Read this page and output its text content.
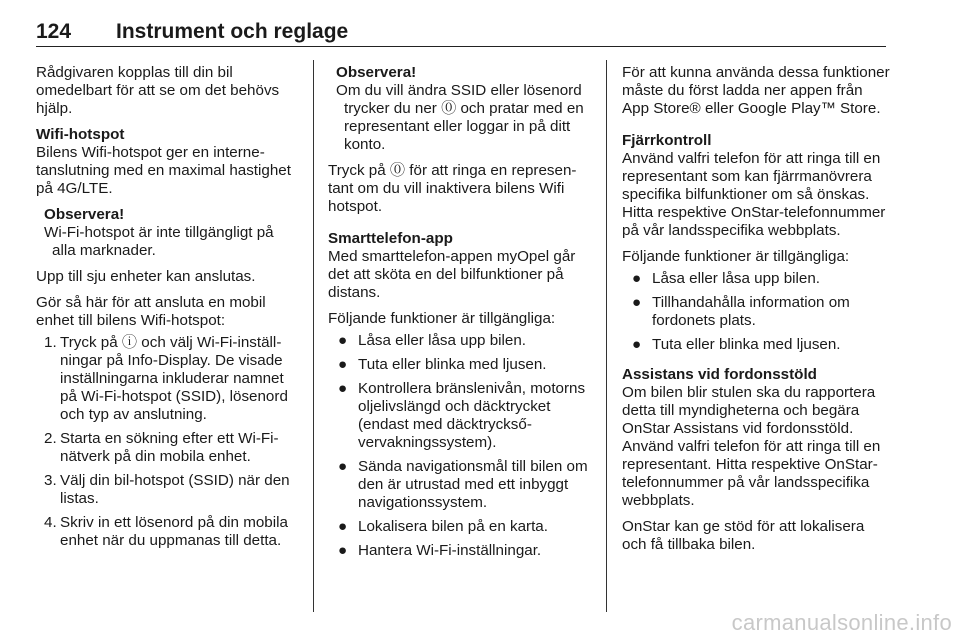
124 Instrument och reglage

Rådgivaren kopplas till din bil omedelbart för att se om det behövs hjälp.

Wifi-hotspot

Bilens Wifi-hotspot ger en internetanslutning med en maximal hastighet på 4G/LTE.

Observera!
Wi-Fi-hotspot är inte tillgängligt på alla marknader.

Upp till sju enheter kan anslutas.

Gör så här för att ansluta en mobil enhet till bilens Wifi-hotspot:

1. Tryck på ⓘ och välj Wi-Fi-inställningar på Info-Display. De visade inställningarna inkluderar namnet på Wi-Fi-hotspot (SSID), lösenord och typ av anslutning.
2. Starta en sökning efter ett Wi-Fi-nätverk på din mobila enhet.
3. Välj din bil-hotspot (SSID) när den listas.
4. Skriv in ett lösenord på din mobila enhet när du uppmanas till detta.
Observera!
Om du vill ändra SSID eller lösenord trycker du ner ⓪ och pratar med en representant eller loggar in på ditt konto.

Tryck på ⓪ för att ringa en representant om du vill inaktivera bilens Wifi hotspot.

Smarttelefon-app

Med smarttelefon-appen myOpel går det att sköta en del bilfunktioner på distans.

Följande funktioner är tillgängliga:

● Låsa eller låsa upp bilen.
● Tuta eller blinka med ljusen.
● Kontrollera bränslenivån, motorns oljelivslängd och däcktrycket (endast med däcktrycksővervakningssystem).
● Sända navigationsmål till bilen om den är utrustad med ett inbyggt navigationssystem.
● Lokalisera bilen på en karta.
● Hantera Wi-Fi-inställningar.

För att kunna använda dessa funktioner måste du först ladda ner appen från App Store® eller Google Play™ Store.

Fjärrkontroll

Använd valfri telefon för att ringa till en representant som kan fjärrmanövrera specifika bilfunktioner om så önskas. Hitta respektive OnStar-telefonnummer på vår landsspecifika webbplats.

Följande funktioner är tillgängliga:

● Låsa eller låsa upp bilen.
● Tillhandahålla information om fordonets plats.
● Tuta eller blinka med ljusen.

Assistans vid fordonsstöld

Om bilen blir stulen ska du rapportera detta till myndigheterna och begära OnStar Assistans vid fordonsstöld. Använd valfri telefon för att ringa till en representant. Hitta respektive OnStar-telefonnummer på vår landsspecifika webbplats.

OnStar kan ge stöd för att lokalisera och få tillbaka bilen.

carmanualsonline.info
